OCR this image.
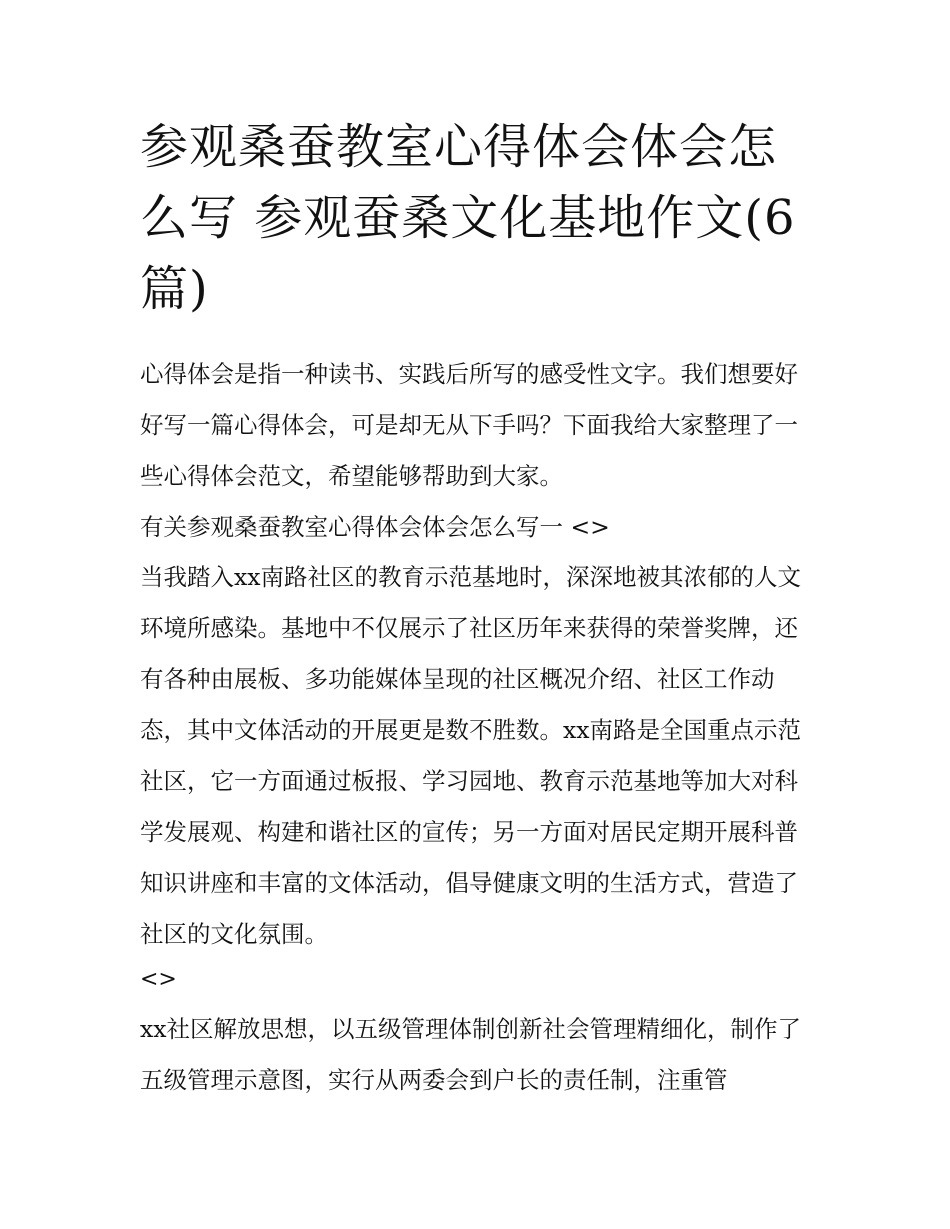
参观桑蚕教室心得体会体会怎么写 参观蚕桑文化基地作文(6篇)

心得体会是指一种读书、实践后所写的感受性文字。我们想要好好写一篇心得体会，可是却无从下手吗？下面我给大家整理了一些心得体会范文，希望能够帮助到大家。

有关参观桑蚕教室心得体会体会怎么写一 <>

当我踏入xx南路社区的教育示范基地时，深深地被其浓郁的人文环境所感染。基地中不仅展示了社区历年来获得的荣誉奖牌，还有各种由展板、多功能媒体呈现的社区概况介绍、社区工作动态，其中文体活动的开展更是数不胜数。xx南路是全国重点示范社区，它一方面通过板报、学习园地、教育示范基地等加大对科学发展观、构建和谐社区的宣传；另一方面对居民定期开展科普知识讲座和丰富的文体活动，倡导健康文明的生活方式，营造了社区的文化氛围。

<>

xx社区解放思想，以五级管理体制创新社会管理精细化，制作了五级管理示意图，实行从两委会到户长的责任制，注重管
